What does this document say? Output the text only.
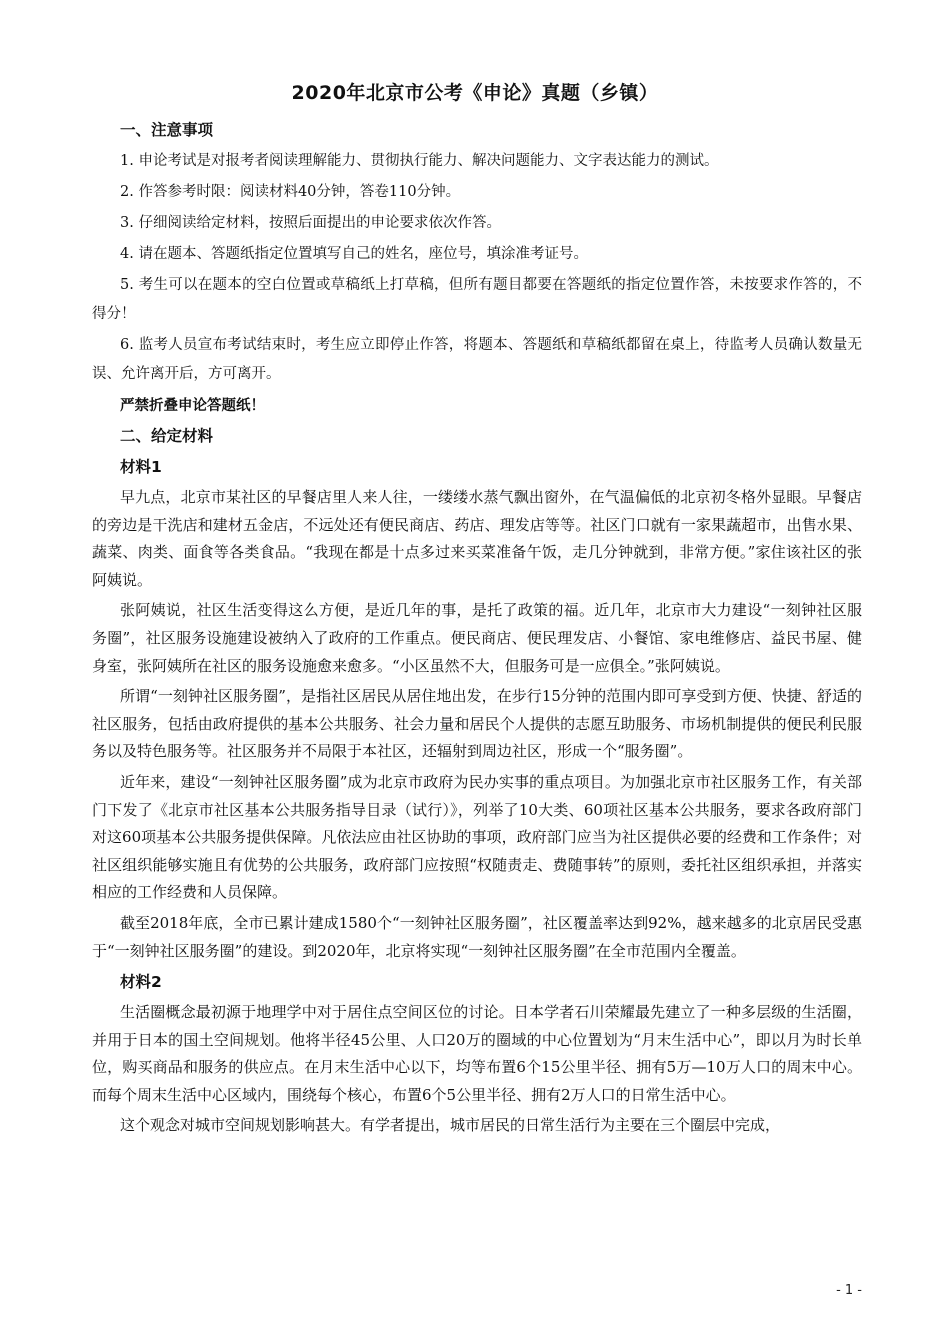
2020年北京市公考《申论》真题（乡镇）

一、注意事项

1. 申论考试是对报考者阅读理解能力、贯彻执行能力、解决问题能力、文字表达能力的测试。

2. 作答参考时限：阅读材料40分钟，答卷110分钟。

3. 仔细阅读给定材料，按照后面提出的申论要求依次作答。

4. 请在题本、答题纸指定位置填写自己的姓名，座位号，填涂准考证号。

5. 考生可以在题本的空白位置或草稿纸上打草稿，但所有题目都要在答题纸的指定位置作答，未按要求作答的，不得分！

6. 监考人员宣布考试结束时，考生应立即停止作答，将题本、答题纸和草稿纸都留在桌上，待监考人员确认数量无误、允许离开后，方可离开。

严禁折叠申论答题纸！

二、给定材料

材料1

早九点，北京市某社区的早餐店里人来人往，一缕缕水蒸气飘出窗外，在气温偏低的北京初冬格外显眼。早餐店的旁边是干洗店和建材五金店，不远处还有便民商店、药店、理发店等等。社区门口就有一家果蔬超市，出售水果、蔬菜、肉类、面食等各类食品。“我现在都是十点多过来买菜准备午饭，走几分钟就到，非常方便。”家住该社区的张阿姨说。

张阿姨说，社区生活变得这么方便，是近几年的事，是托了政策的福。近几年，北京市大力建设“一刻钟社区服务圈”，社区服务设施建设被纳入了政府的工作重点。便民商店、便民理发店、小餐馆、家电维修店、益民书屋、健身室，张阿姨所在社区的服务设施愈来愈多。“小区虽然不大，但服务可是一应俱全。”张阿姨说。

所谓“一刻钟社区服务圈”，是指社区居民从居住地出发，在步行15分钟的范围内即可享受到方便、快捷、舒适的社区服务，包括由政府提供的基本公共服务、社会力量和居民个人提供的志愿互助服务、市场机制提供的便民利民服务以及特色服务等。社区服务并不局限于本社区，还辐射到周边社区，形成一个“服务圈”。

近年来，建设“一刻钟社区服务圈”成为北京市政府为民办实事的重点项目。为加强北京市社区服务工作，有关部门下发了《北京市社区基本公共服务指导目录（试行）》，列举了10大类、60项社区基本公共服务，要求各政府部门对这60项基本公共服务提供保障。凡依法应由社区协助的事项，政府部门应当为社区提供必要的经费和工作条件；对社区组织能够实施且有优势的公共服务，政府部门应按照“权随责走、费随事转”的原则，委托社区组织承担，并落实相应的工作经费和人员保障。

截至2018年底，全市已累计建成1580个“一刻钟社区服务圈”，社区覆盖率达到92%，越来越多的北京居民受惠于“一刻钟社区服务圈”的建设。到2020年，北京将实现“一刻钟社区服务圈”在全市范围内全覆盖。

材料2

生活圈概念最初源于地理学中对于居住点空间区位的讨论。日本学者石川荣耀最先建立了一种多层级的生活圈，并用于日本的国土空间规划。他将半径45公里、人口20万的圈域的中心位置划为“月末生活中心”，即以月为时长单位，购买商品和服务的供应点。在月末生活中心以下，均等布置6个15公里半径、拥有5万—10万人口的周末中心。而每个周末生活中心区域内，围绕每个核心，布置6个5公里半径、拥有2万人口的日常生活中心。

这个观念对城市空间规划影响甚大。有学者提出，城市居民的日常生活行为主要在三个圈层中完成，

- 1 -
